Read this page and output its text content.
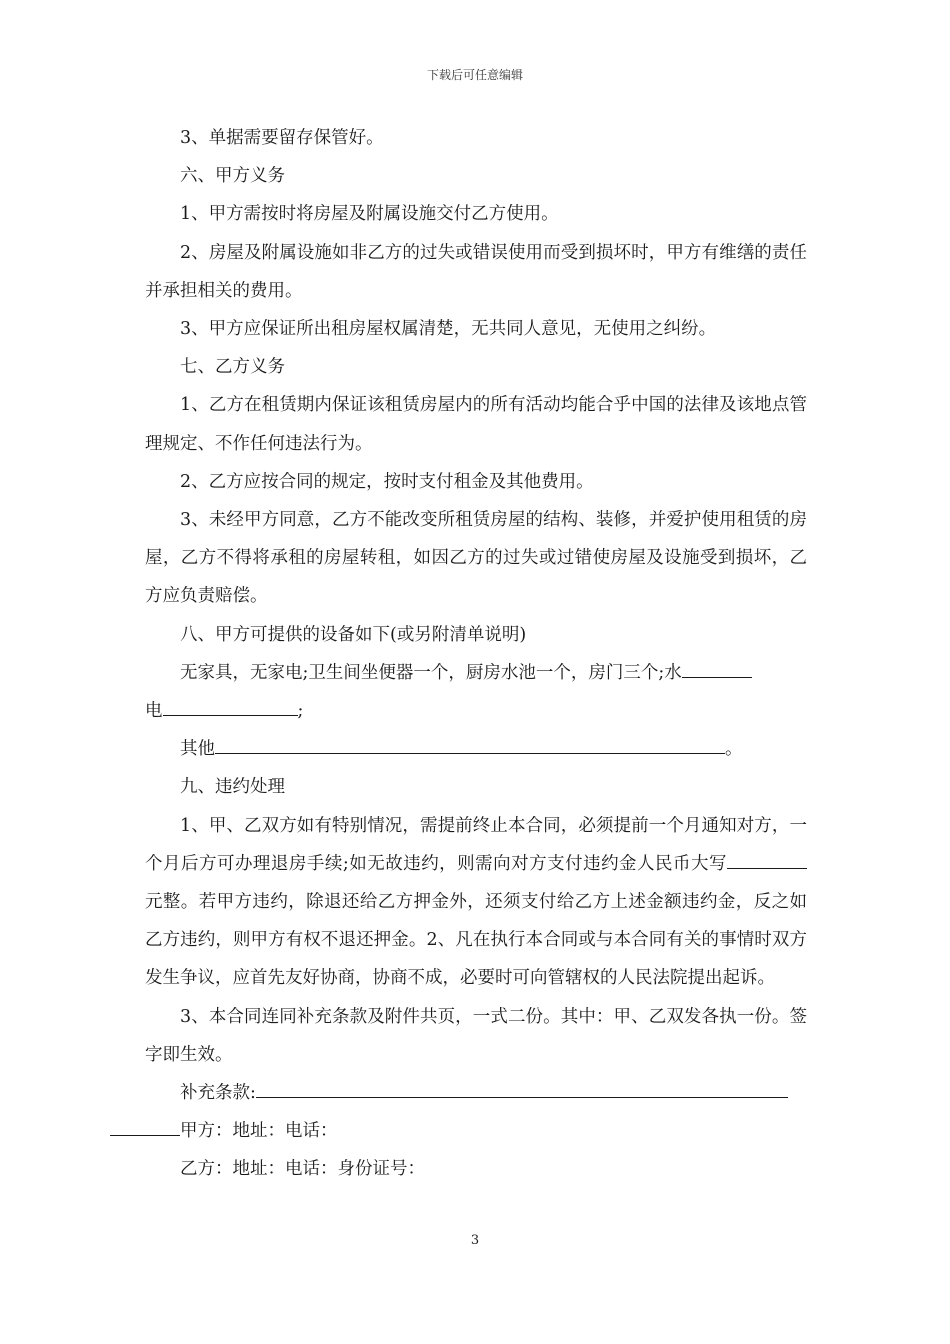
下载后可任意编辑

3、单据需要留存保管好。

六、甲方义务

1、甲方需按时将房屋及附属设施交付乙方使用。

2、房屋及附属设施如非乙方的过失或错误使用而受到损坏时，甲方有维缮的责任并承担相关的费用。

3、甲方应保证所出租房屋权属清楚，无共同人意见，无使用之纠纷。

七、乙方义务

1、乙方在租赁期内保证该租赁房屋内的所有活动均能合乎中国的法律及该地点管理规定、不作任何违法行为。

2、乙方应按合同的规定，按时支付租金及其他费用。

3、未经甲方同意，乙方不能改变所租赁房屋的结构、装修，并爱护使用租赁的房屋，乙方不得将承租的房屋转租，如因乙方的过失或过错使房屋及设施受到损坏，乙方应负责赔偿。

八、甲方可提供的设备如下(或另附清单说明)

无家具，无家电;卫生间坐便器一个，厨房水池一个，房门三个;水
电	;

其他	。

九、违约处理

1、甲、乙双方如有特别情况，需提前终止本合同，必须提前一个月通知对方，一个月后方可办理退房手续;如无故违约，则需向对方支付违约金人民币大写元整。若甲方违约，除退还给乙方押金外，还须支付给乙方上述金额违约金，反之如乙方违约，则甲方有权不退还押金。2、凡在执行本合同或与本合同有关的事情时双方发生争议，应首先友好协商，协商不成，必要时可向管辖权的人民法院提出起诉。

3、本合同连同补充条款及附件共页，一式二份。其中：甲、乙双发各执一份。签字即生效。

补充条款:
甲方：地址：电话：

乙方：地址：电话：身份证号：

3
